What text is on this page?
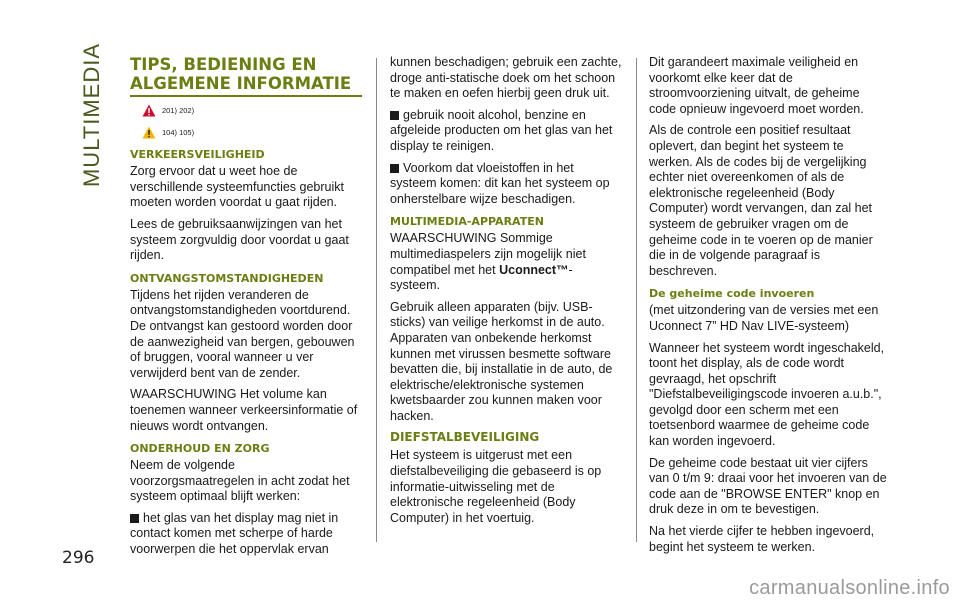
MULTIMEDIA
296
TIPS, BEDIENING EN ALGEMENE INFORMATIE
201) 202)
104) 105)
VERKEERSVEILIGHEID

Zorg ervoor dat u weet hoe de verschillende systeemfuncties gebruikt moeten worden voordat u gaat rijden.

Lees de gebruiksaanwijzingen van het systeem zorgvuldig door voordat u gaat rijden.

ONTVANGSTOMSTANDIGHEDEN

Tijdens het rijden veranderen de ontvangstomstandigheden voortdurend. De ontvangst kan gestoord worden door de aanwezigheid van bergen, gebouwen of bruggen, vooral wanneer u ver verwijderd bent van de zender.

WAARSCHUWING Het volume kan toenemen wanneer verkeersinformatie of nieuws wordt ontvangen.

ONDERHOUD EN ZORG

Neem de volgende voorzorgsmaatregelen in acht zodat het systeem optimaal blijft werken:

het glas van het display mag niet in contact komen met scherpe of harde voorwerpen die het oppervlak ervan

kunnen beschadigen; gebruik een zachte, droge anti-statische doek om het schoon te maken en oefen hierbij geen druk uit.

gebruik nooit alcohol, benzine en afgeleide producten om het glas van het display te reinigen.

Voorkom dat vloeistoffen in het systeem komen: dit kan het systeem op onherstelbare wijze beschadigen.

MULTIMEDIA-APPARATEN

WAARSCHUWING Sommige multimediaspelers zijn mogelijk niet compatibel met het Uconnect™-systeem.

Gebruik alleen apparaten (bijv. USB-sticks) van veilige herkomst in de auto. Apparaten van onbekende herkomst kunnen met virussen besmette software bevatten die, bij installatie in de auto, de elektrische/elektronische systemen kwetsbaarder zou kunnen maken voor hacken.

DIEFSTALBEVEILIGING

Het systeem is uitgerust met een diefstalbeveiliging die gebaseerd is op informatie-uitwisseling met de elektronische regeleenheid (Body Computer) in het voertuig.

Dit garandeert maximale veiligheid en voorkomt elke keer dat de stroomvoorziening uitvalt, de geheime code opnieuw ingevoerd moet worden.

Als de controle een positief resultaat oplevert, dan begint het systeem te werken. Als de codes bij de vergelijking echter niet overeenkomen of als de elektronische regeleenheid (Body Computer) wordt vervangen, dan zal het systeem de gebruiker vragen om de geheime code in te voeren op de manier die in de volgende paragraaf is beschreven.

De geheime code invoeren

(met uitzondering van de versies met een Uconnect 7” HD Nav LIVE-systeem)

Wanneer het systeem wordt ingeschakeld, toont het display, als de code wordt gevraagd, het opschrift "Diefstalbeveiligingscode invoeren a.u.b.", gevolgd door een scherm met een toetsenbord waarmee de geheime code kan worden ingevoerd.

De geheime code bestaat uit vier cijfers van 0 t/m 9: draai voor het invoeren van de code aan de "BROWSE ENTER" knop en druk deze in om te bevestigen.

Na het vierde cijfer te hebben ingevoerd, begint het systeem te werken.

carmanualsonline.info
